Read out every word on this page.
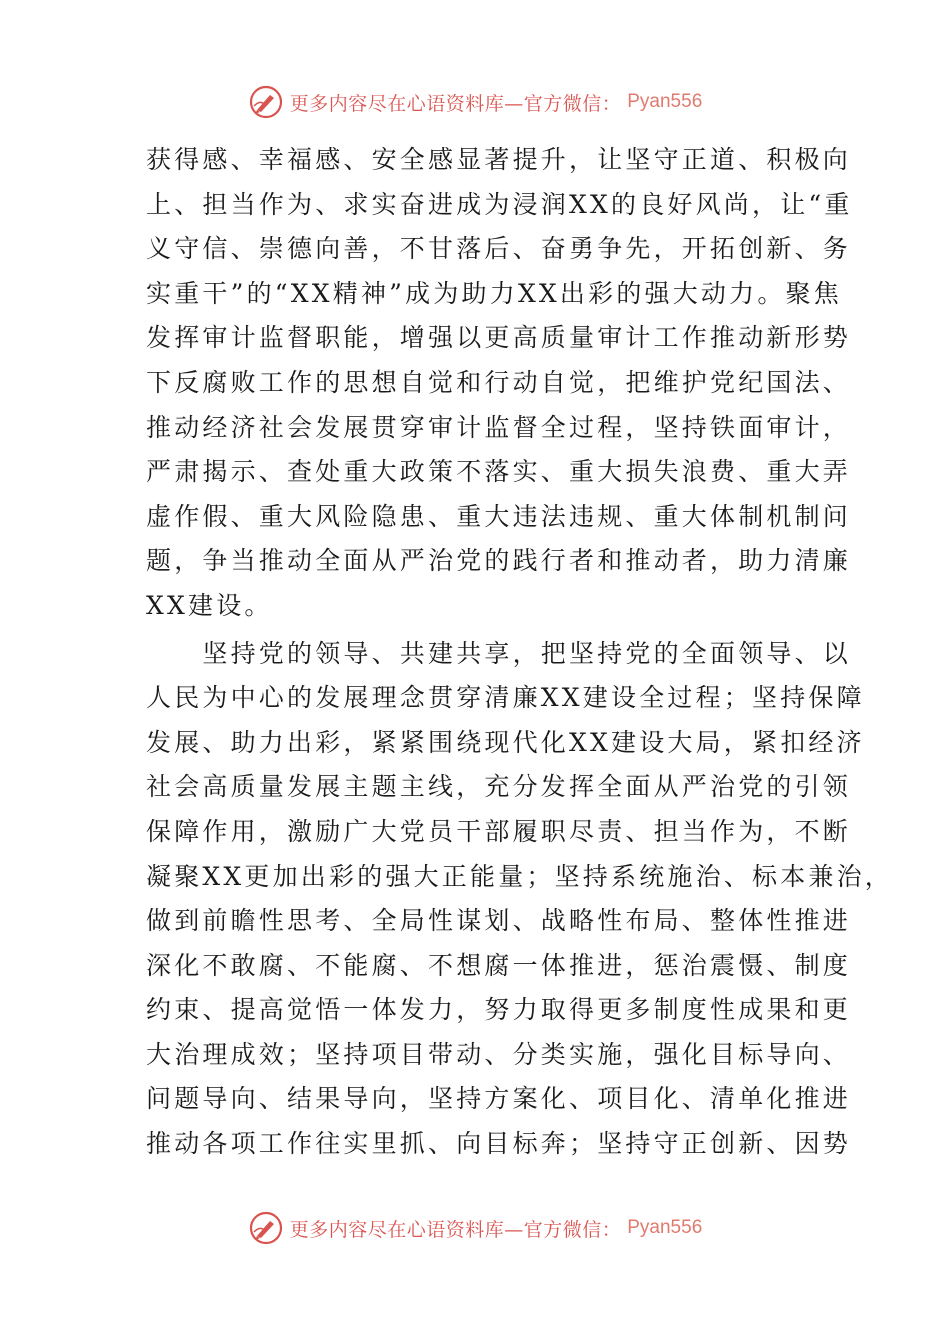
更多内容尽在心语资料库—官方微信： Pyan556
获得感、幸福感、安全感显著提升，让坚守正道、积极向
上、担当作为、求实奋进成为浸润XX的良好风尚，让“重
义守信、崇德向善，不甘落后、奋勇争先，开拓创新、务
实重干”的“XX精神”成为助力XX出彩的强大动力。聚焦
发挥审计监督职能，增强以更高质量审计工作推动新形势
下反腐败工作的思想自觉和行动自觉，把维护党纪国法、
推动经济社会发展贯穿审计监督全过程，坚持铁面审计，
严肃揭示、查处重大政策不落实、重大损失浪费、重大弄
虚作假、重大风险隐患、重大违法违规、重大体制机制问
题，争当推动全面从严治党的践行者和推动者，助力清廉
XX建设。
　　坚持党的领导、共建共享，把坚持党的全面领导、以
人民为中心的发展理念贯穿清廉XX建设全过程；坚持保障
发展、助力出彩，紧紧围绕现代化XX建设大局，紧扣经济
社会高质量发展主题主线，充分发挥全面从严治党的引领
保障作用，激励广大党员干部履职尽责、担当作为，不断
凝聚XX更加出彩的强大正能量；坚持系统施治、标本兼治，
做到前瞻性思考、全局性谋划、战略性布局、整体性推进
深化不敢腐、不能腐、不想腐一体推进，惩治震慑、制度
约束、提高觉悟一体发力，努力取得更多制度性成果和更
大治理成效；坚持项目带动、分类实施，强化目标导向、
问题导向、结果导向，坚持方案化、项目化、清单化推进
推动各项工作往实里抓、向目标奔；坚持守正创新、因势
更多内容尽在心语资料库—官方微信： Pyan556
